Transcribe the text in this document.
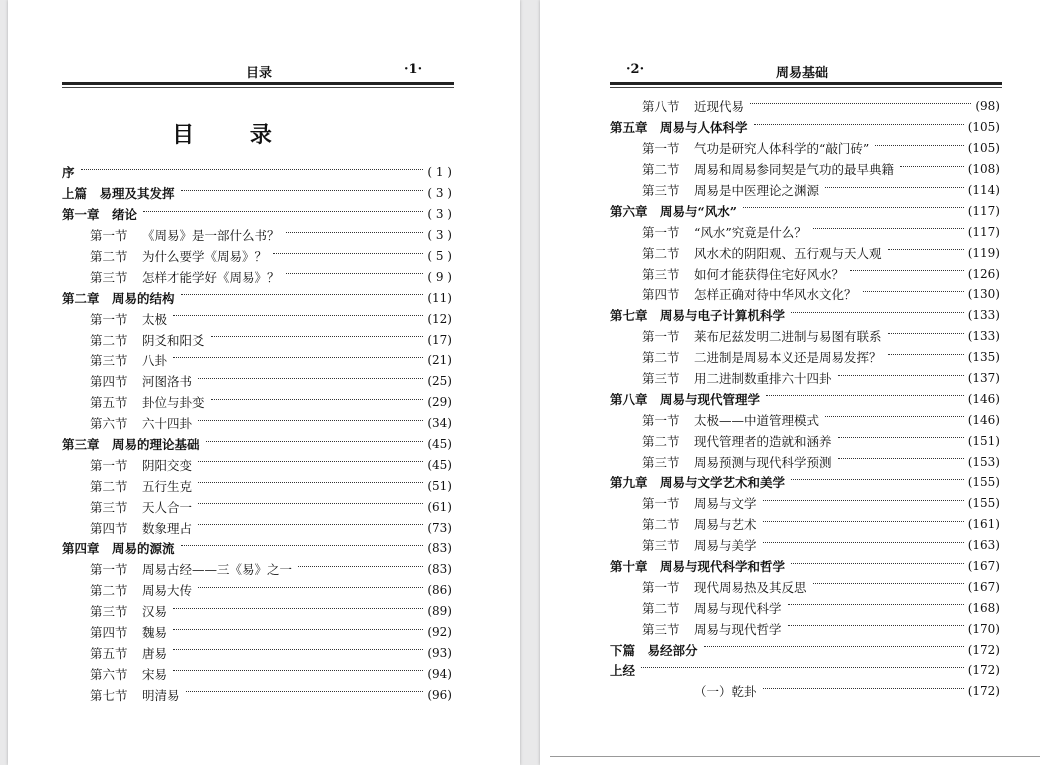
目录	·1·
目 录
序	( 1 )
上篇　易理及其发挥	( 3 )
第一章　绪论	( 3 )
第一节 《周易》是一部什么书？	( 3 )
第二节 为什么要学《周易》？	( 5 )
第三节 怎样才能学好《周易》？	( 9 )
第二章　周易的结构	(11)
第一节 太极	(12)
第二节 阴爻和阳爻	(17)
第三节 八卦	(21)
第四节 河图洛书	(25)
第五节 卦位与卦变	(29)
第六节 六十四卦	(34)
第三章　周易的理论基础	(45)
第一节 阴阳交变	(45)
第二节 五行生克	(51)
第三节 天人合一	(61)
第四节 数象理占	(73)
第四章　周易的源流	(83)
第一节 周易古经——三《易》之一	(83)
第二节 周易大传	(86)
第三节 汉易	(89)
第四节 魏易	(92)
第五节 唐易	(93)
第六节 宋易	(94)
第七节 明清易	(96)
·2·	周易基础
第八节 近现代易	(98)
第五章　周易与人体科学	(105)
第一节 气功是研究人体科学的“敲门砖”	(105)
第二节 周易和周易参同契是气功的最早典籍	(108)
第三节 周易是中医理论之渊源	(114)
第六章　周易与“风水”	(117)
第一节 “风水”究竟是什么？	(117)
第二节 风水术的阴阳观、五行观与天人观	(119)
第三节 如何才能获得住宅好风水？	(126)
第四节 怎样正确对待中华风水文化？	(130)
第七章　周易与电子计算机科学	(133)
第一节 莱布尼兹发明二进制与易图有联系	(133)
第二节 二进制是周易本义还是周易发挥？	(135)
第三节 用二进制数重排六十四卦	(137)
第八章　周易与现代管理学	(146)
第一节 太极——中道管理模式	(146)
第二节 现代管理者的造就和涵养	(151)
第三节 周易预测与现代科学预测	(153)
第九章　周易与文学艺术和美学	(155)
第一节 周易与文学	(155)
第二节 周易与艺术	(161)
第三节 周易与美学	(163)
第十章　周易与现代科学和哲学	(167)
第一节 现代周易热及其反思	(167)
第二节 周易与现代科学	(168)
第三节 周易与现代哲学	(170)
下篇　易经部分	(172)
上经	(172)
（一）乾卦	(172)
